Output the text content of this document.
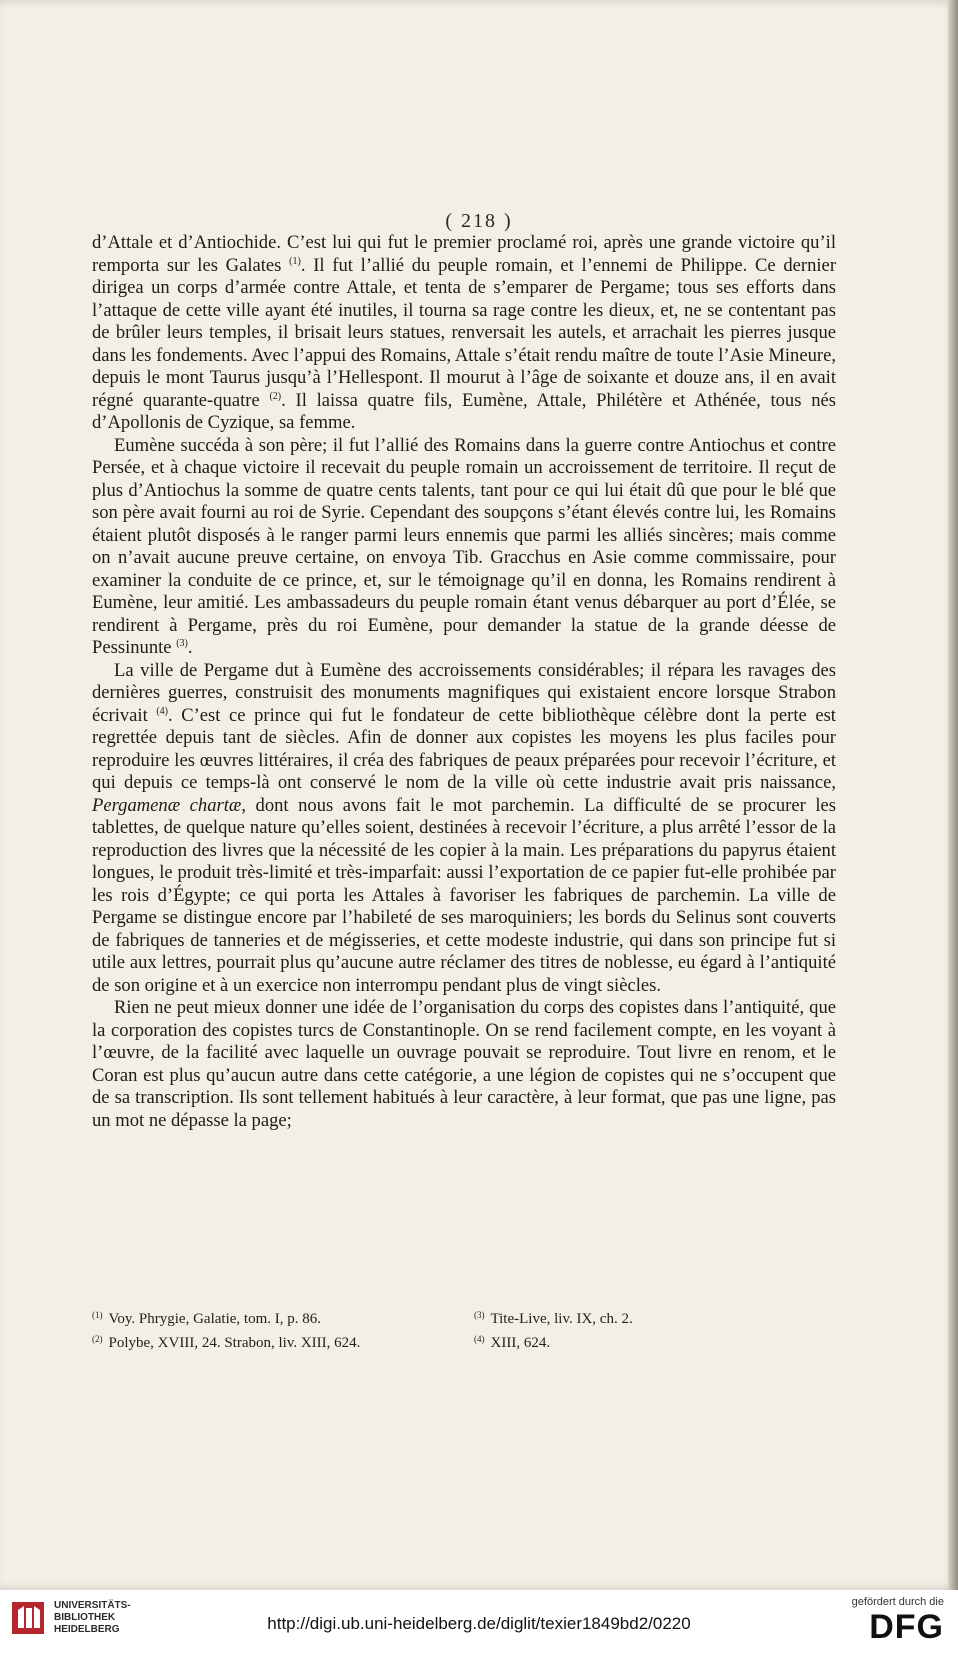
( 218 )

d’Attale et d’Antiochide. C’est lui qui fut le premier proclamé roi, après une grande victoire qu’il remporta sur les Galates $^{(1)}$. Il fut l’allié du peuple romain, et l’ennemi de Philippe. Ce dernier dirigea un corps d’armée contre Attale, et tenta de s’emparer de Pergame; tous ses efforts dans l’attaque de cette ville ayant été inutiles, il tourna sa rage contre les dieux, et, ne se contentant pas de brûler leurs temples, il brisait leurs statues, renversait les autels, et arrachait les pierres jusque dans les fondements. Avec l’appui des Romains, Attale s’était rendu maître de toute l’Asie Mineure, depuis le mont Taurus jusqu’à l’Hellespont. Il mourut à l’âge de soixante et douze ans, il en avait régné quarante-quatre $^{(2)}$. Il laissa quatre fils, Eumène, Attale, Philétère et Athénée, tous nés d’Apollonis de Cyzique, sa femme.

Eumène succéda à son père; il fut l’allié des Romains dans la guerre contre Antiochus et contre Persée, et à chaque victoire il recevait du peuple romain un accroissement de territoire. Il reçut de plus d’Antiochus la somme de quatre cents talents, tant pour ce qui lui était dû que pour le blé que son père avait fourni au roi de Syrie. Cependant des soupçons s’étant élevés contre lui, les Romains étaient plutôt disposés à le ranger parmi leurs ennemis que parmi les alliés sincères; mais comme on n’avait aucune preuve certaine, on envoya Tib. Gracchus en Asie comme commissaire, pour examiner la conduite de ce prince, et, sur le témoignage qu’il en donna, les Romains rendirent à Eumène, leur amitié. Les ambassadeurs du peuple romain étant venus débarquer au port d’Élée, se rendirent à Pergame, près du roi Eumène, pour demander la statue de la grande déesse de Pessinunte $^{(3)}$.

La ville de Pergame dut à Eumène des accroissements considérables; il répara les ravages des dernières guerres, construisit des monuments magnifiques qui existaient encore lorsque Strabon écrivait $^{(4)}$. C’est ce prince qui fut le fondateur de cette bibliothèque célèbre dont la perte est regrettée depuis tant de siècles. Afin de donner aux copistes les moyens les plus faciles pour reproduire les œuvres littéraires, il créa des fabriques de peaux préparées pour recevoir l’écriture, et qui depuis ce temps-là ont conservé le nom de la ville où cette industrie avait pris naissance, Pergamenæ chartæ, dont nous avons fait le mot parchemin. La difficulté de se procurer les tablettes, de quelque nature qu’elles soient, destinées à recevoir l’écriture, a plus arrêté l’essor de la reproduction des livres que la nécessité de les copier à la main. Les préparations du papyrus étaient longues, le produit très-limité et très-imparfait: aussi l’exportation de ce papier fut-elle prohibée par les rois d’Égypte; ce qui porta les Attales à favoriser les fabriques de parchemin. La ville de Pergame se distingue encore par l’habileté de ses maroquiniers; les bords du Selinus sont couverts de fabriques de tanneries et de mégisseries, et cette modeste industrie, qui dans son principe fut si utile aux lettres, pourrait plus qu’aucune autre réclamer des titres de noblesse, eu égard à l’antiquité de son origine et à un exercice non interrompu pendant plus de vingt siècles.

Rien ne peut mieux donner une idée de l’organisation du corps des copistes dans l’antiquité, que la corporation des copistes turcs de Constantinople. On se rend facilement compte, en les voyant à l’œuvre, de la facilité avec laquelle un ouvrage pouvait se reproduire. Tout livre en renom, et le Coran est plus qu’aucun autre dans cette catégorie, a une légion de copistes qui ne s’occupent que de sa transcription. Ils sont tellement habitués à leur caractère, à leur format, que pas une ligne, pas un mot ne dépasse la page;

$^{(1)}$ Voy. Phrygie, Galatie, tom. I, p. 86.
$^{(2)}$ Polybe, XVIII, 24. Strabon, liv. XIII, 624.
$^{(3)}$ Tite-Live, liv. IX, ch. 2.
$^{(4)}$ XIII, 624.
UNIVERSITÄTS-
BIBLIOTHEK
HEIDELBERG	http://digi.ub.uni-heidelberg.de/diglit/texier1849bd2/0220
gefördert durch die
DFG
